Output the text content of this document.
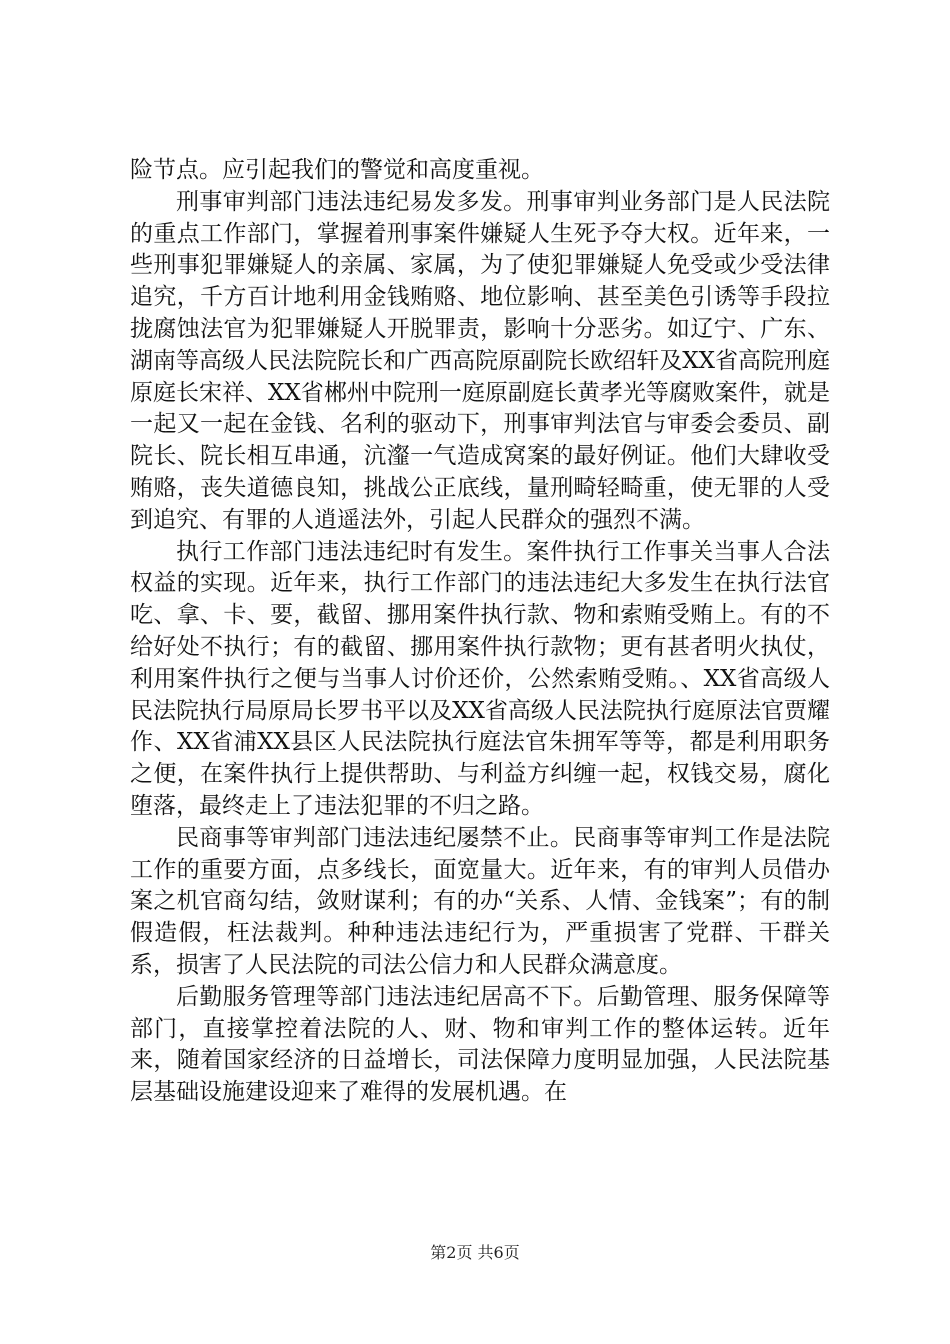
险节点。应引起我们的警觉和高度重视。

刑事审判部门违法违纪易发多发。刑事审判业务部门是人民法院的重点工作部门，掌握着刑事案件嫌疑人生死予夺大权。近年来，一些刑事犯罪嫌疑人的亲属、家属，为了使犯罪嫌疑人免受或少受法律追究，千方百计地利用金钱贿赂、地位影响、甚至美色引诱等手段拉拢腐蚀法官为犯罪嫌疑人开脱罪责，影响十分恶劣。如辽宁、广东、湖南等高级人民法院院长和广西高院原副院长欧绍轩及XX省高院刑庭原庭长宋祥、XX省郴州中院刑一庭原副庭长黄孝光等腐败案件，就是一起又一起在金钱、名利的驱动下，刑事审判法官与审委会委员、副院长、院长相互串通，沆瀣一气造成窝案的最好例证。他们大肆收受贿赂，丧失道德良知，挑战公正底线，量刑畸轻畸重，使无罪的人受到追究、有罪的人逍遥法外，引起人民群众的强烈不满。

执行工作部门违法违纪时有发生。案件执行工作事关当事人合法权益的实现。近年来，执行工作部门的违法违纪大多发生在执行法官吃、拿、卡、要，截留、挪用案件执行款、物和索贿受贿上。有的不给好处不执行；有的截留、挪用案件执行款物；更有甚者明火执仗，利用案件执行之便与当事人讨价还价，公然索贿受贿。、XX省高级人民法院执行局原局长罗书平以及XX省高级人民法院执行庭原法官贾耀作、XX省浦XX县区人民法院执行庭法官朱拥军等等，都是利用职务之便，在案件执行上提供帮助、与利益方纠缠一起，权钱交易，腐化堕落，最终走上了违法犯罪的不归之路。

民商事等审判部门违法违纪屡禁不止。民商事等审判工作是法院工作的重要方面，点多线长，面宽量大。近年来，有的审判人员借办案之机官商勾结，敛财谋利；有的办“关系、人情、金钱案”；有的制假造假，枉法裁判。种种违法违纪行为，严重损害了党群、干群关系，损害了人民法院的司法公信力和人民群众满意度。

后勤服务管理等部门违法违纪居高不下。后勤管理、服务保障等部门，直接掌控着法院的人、财、物和审判工作的整体运转。近年来，随着国家经济的日益增长，司法保障力度明显加强，人民法院基层基础设施建设迎来了难得的发展机遇。在

第2页 共6页
